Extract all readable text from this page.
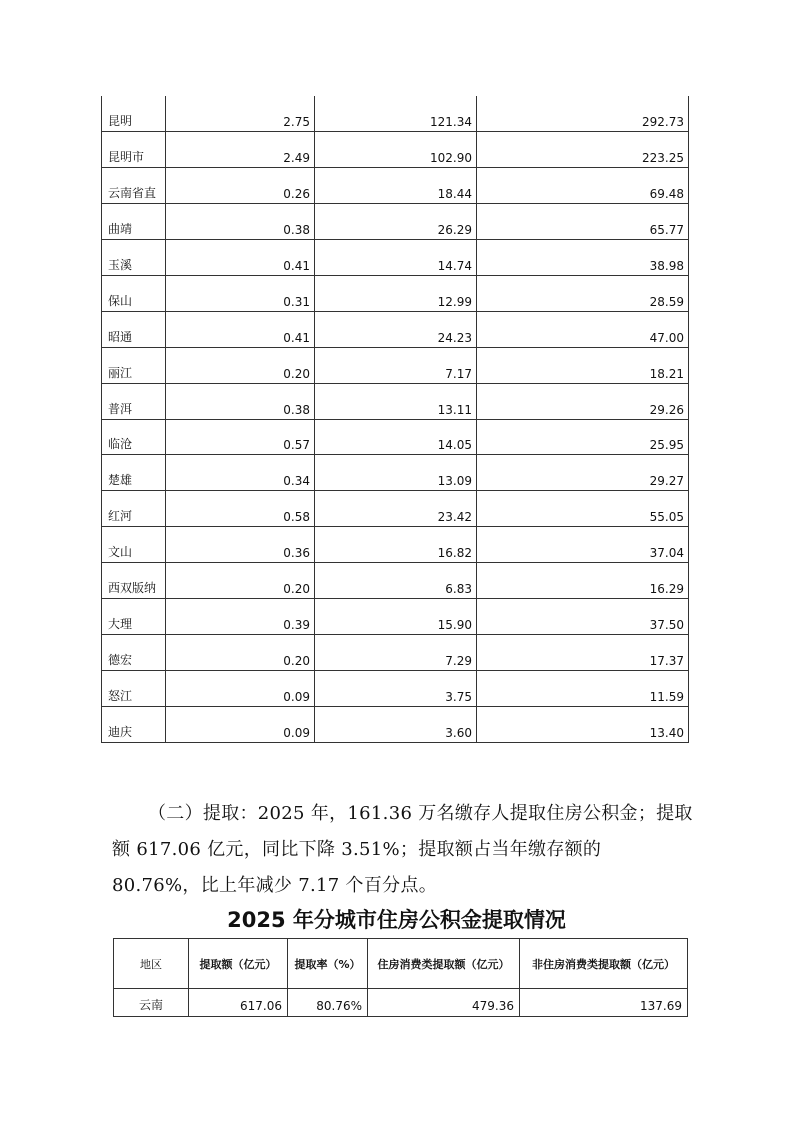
昆明	2.75	121.34	292.73
昆明市	2.49	102.90	223.25
云南省直	0.26	18.44	69.48
曲靖	0.38	26.29	65.77
玉溪	0.41	14.74	38.98
保山	0.31	12.99	28.59
昭通	0.41	24.23	47.00
丽江	0.20	7.17	18.21
普洱	0.38	13.11	29.26
临沧	0.57	14.05	25.95
楚雄	0.34	13.09	29.27
红河	0.58	23.42	55.05
文山	0.36	16.82	37.04
西双版纳	0.20	6.83	16.29
大理	0.39	15.90	37.50
德宏	0.20	7.29	17.37
怒江	0.09	3.75	11.59
迪庆	0.09	3.60	13.40

（二）提取：2025 年，161.36 万名缴存人提取住房公积金；提取额 617.06 亿元，同比下降 3.51%；提取额占当年缴存额的 80.76%，比上年减少 7.17 个百分点。

2025 年分城市住房公积金提取情况
地区	提取额（亿元）	提取率（%）	住房消费类提取额（亿元）	非住房消费类提取额（亿元）
云南	617.06	80.76%	479.36	137.69
